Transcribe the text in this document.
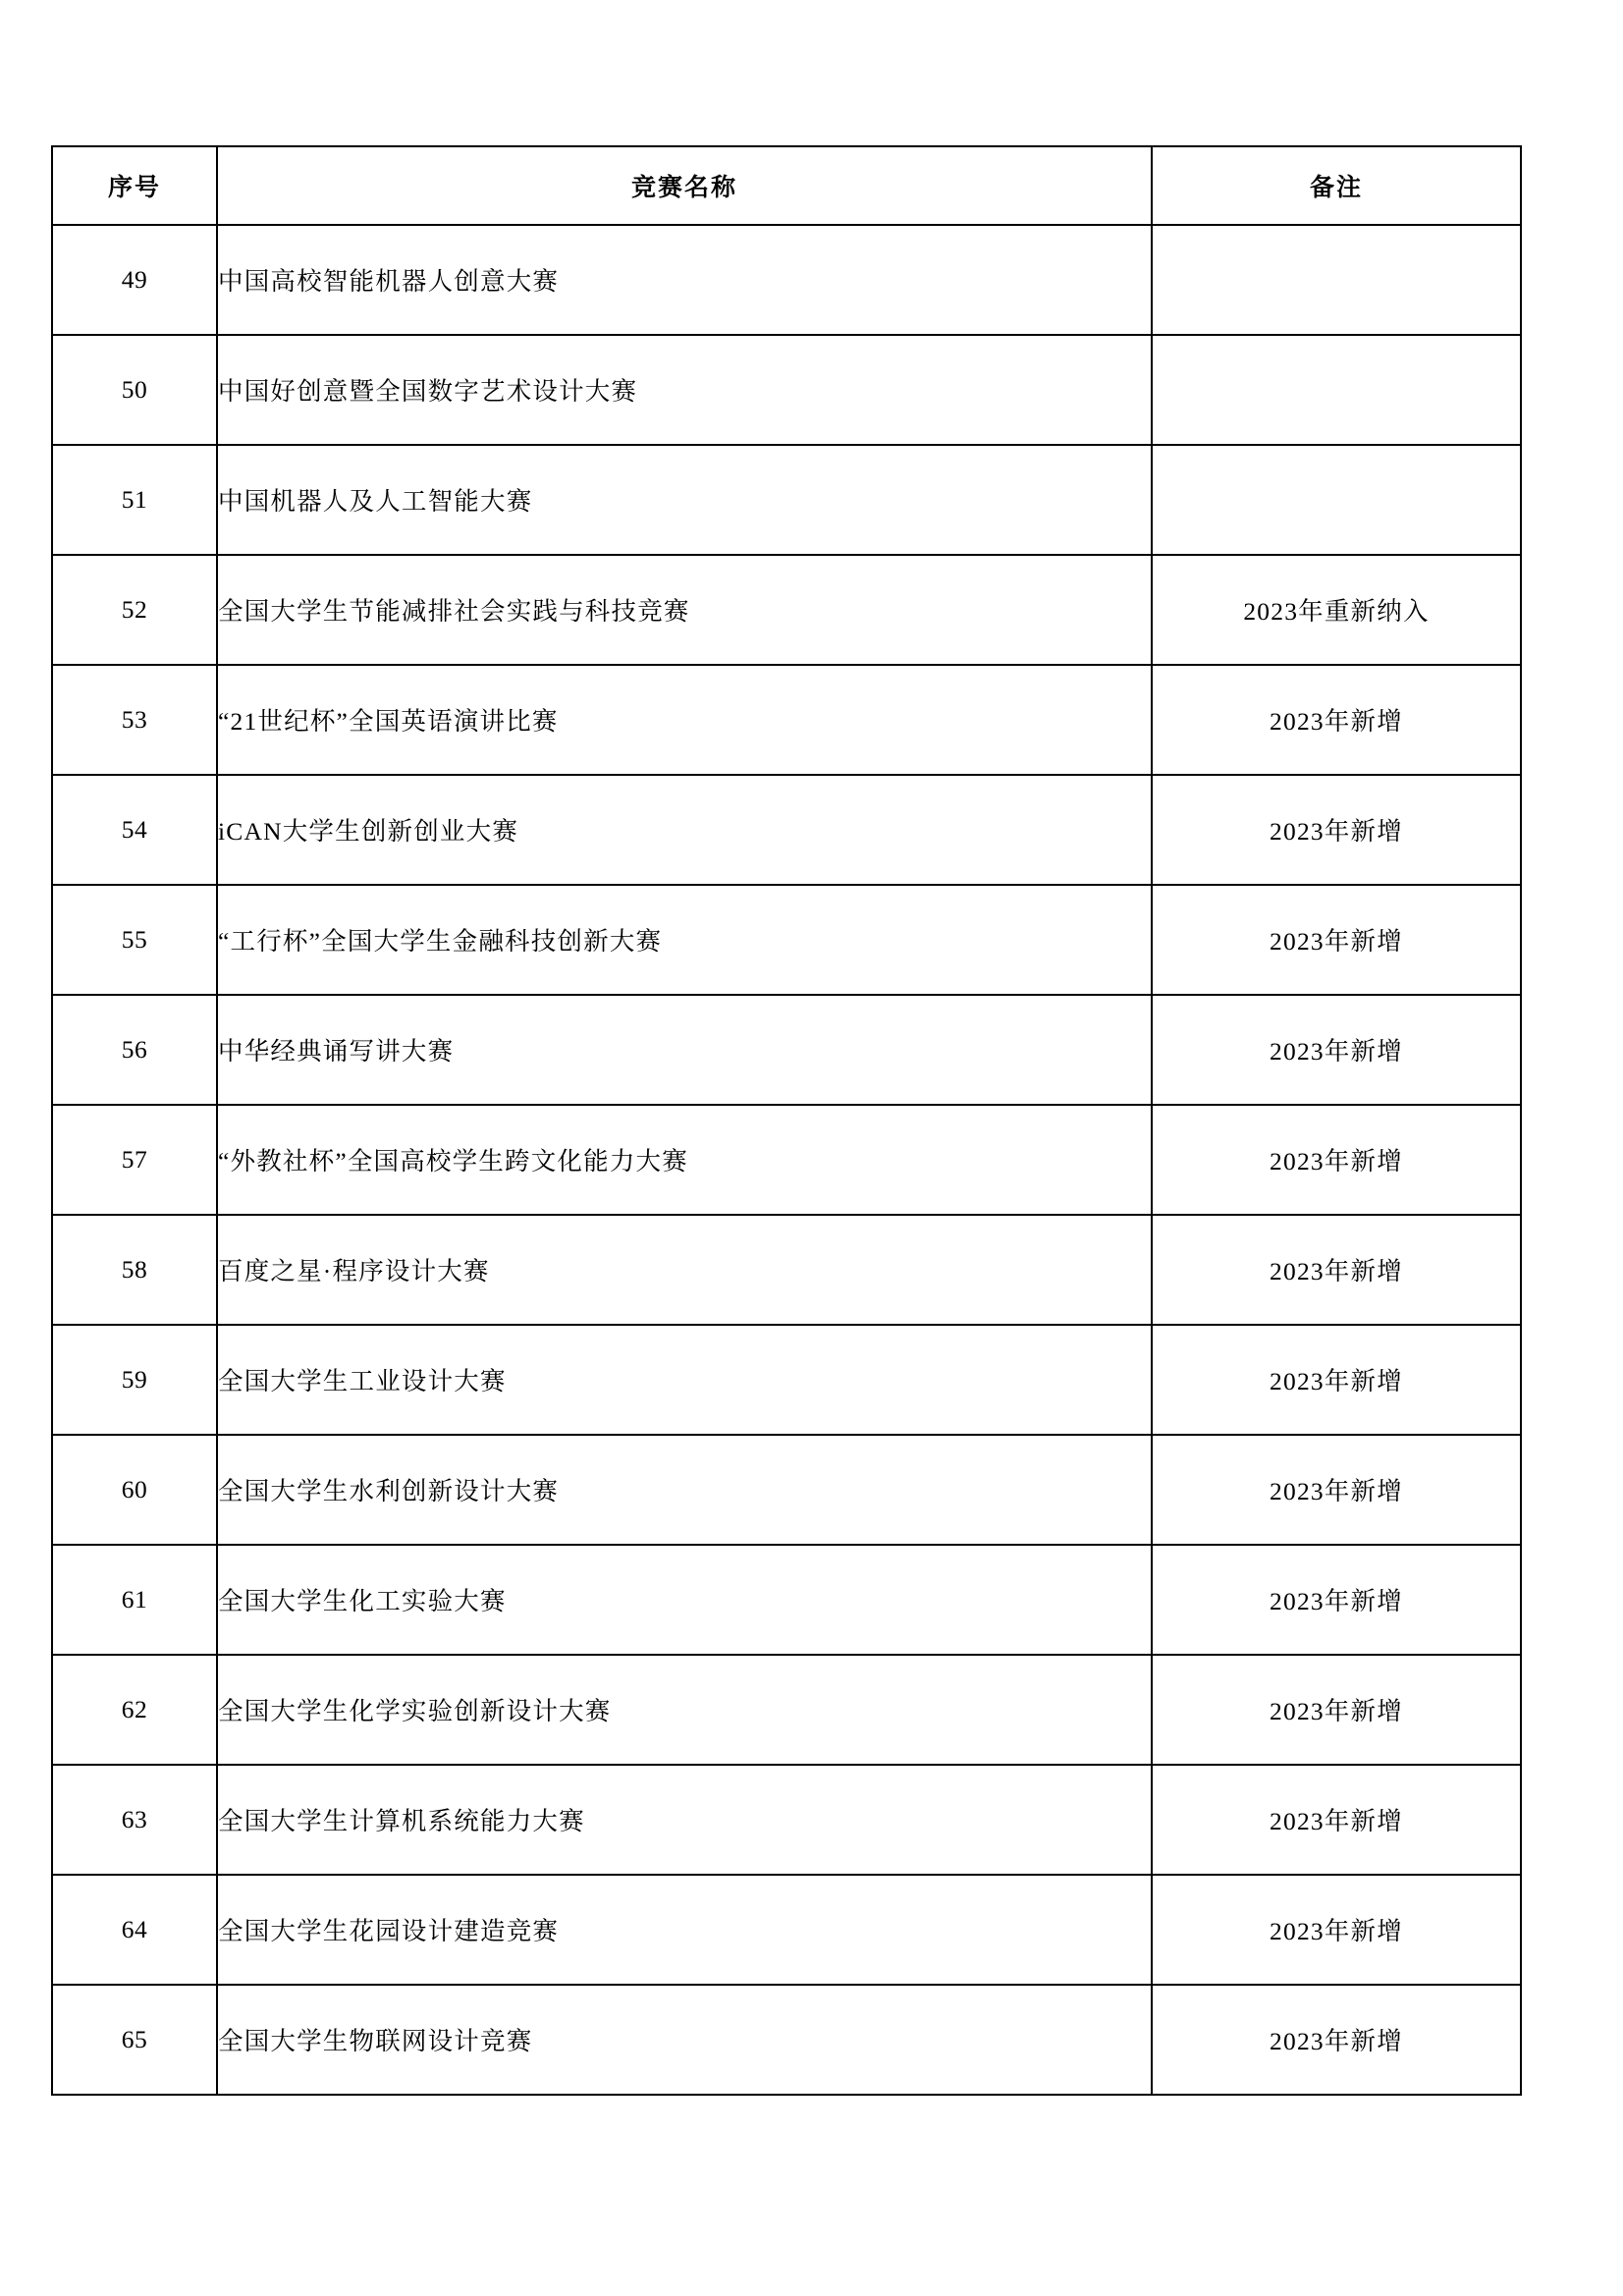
序号	竞赛名称	备注
49	中国高校智能机器人创意大赛	
50	中国好创意暨全国数字艺术设计大赛	
51	中国机器人及人工智能大赛	
52	全国大学生节能减排社会实践与科技竞赛	2023年重新纳入
53	“21世纪杯”全国英语演讲比赛	2023年新增
54	iCAN大学生创新创业大赛	2023年新增
55	“工行杯”全国大学生金融科技创新大赛	2023年新增
56	中华经典诵写讲大赛	2023年新增
57	“外教社杯”全国高校学生跨文化能力大赛	2023年新增
58	百度之星·程序设计大赛	2023年新增
59	全国大学生工业设计大赛	2023年新增
60	全国大学生水利创新设计大赛	2023年新增
61	全国大学生化工实验大赛	2023年新增
62	全国大学生化学实验创新设计大赛	2023年新增
63	全国大学生计算机系统能力大赛	2023年新增
64	全国大学生花园设计建造竞赛	2023年新增
65	全国大学生物联网设计竞赛	2023年新增
